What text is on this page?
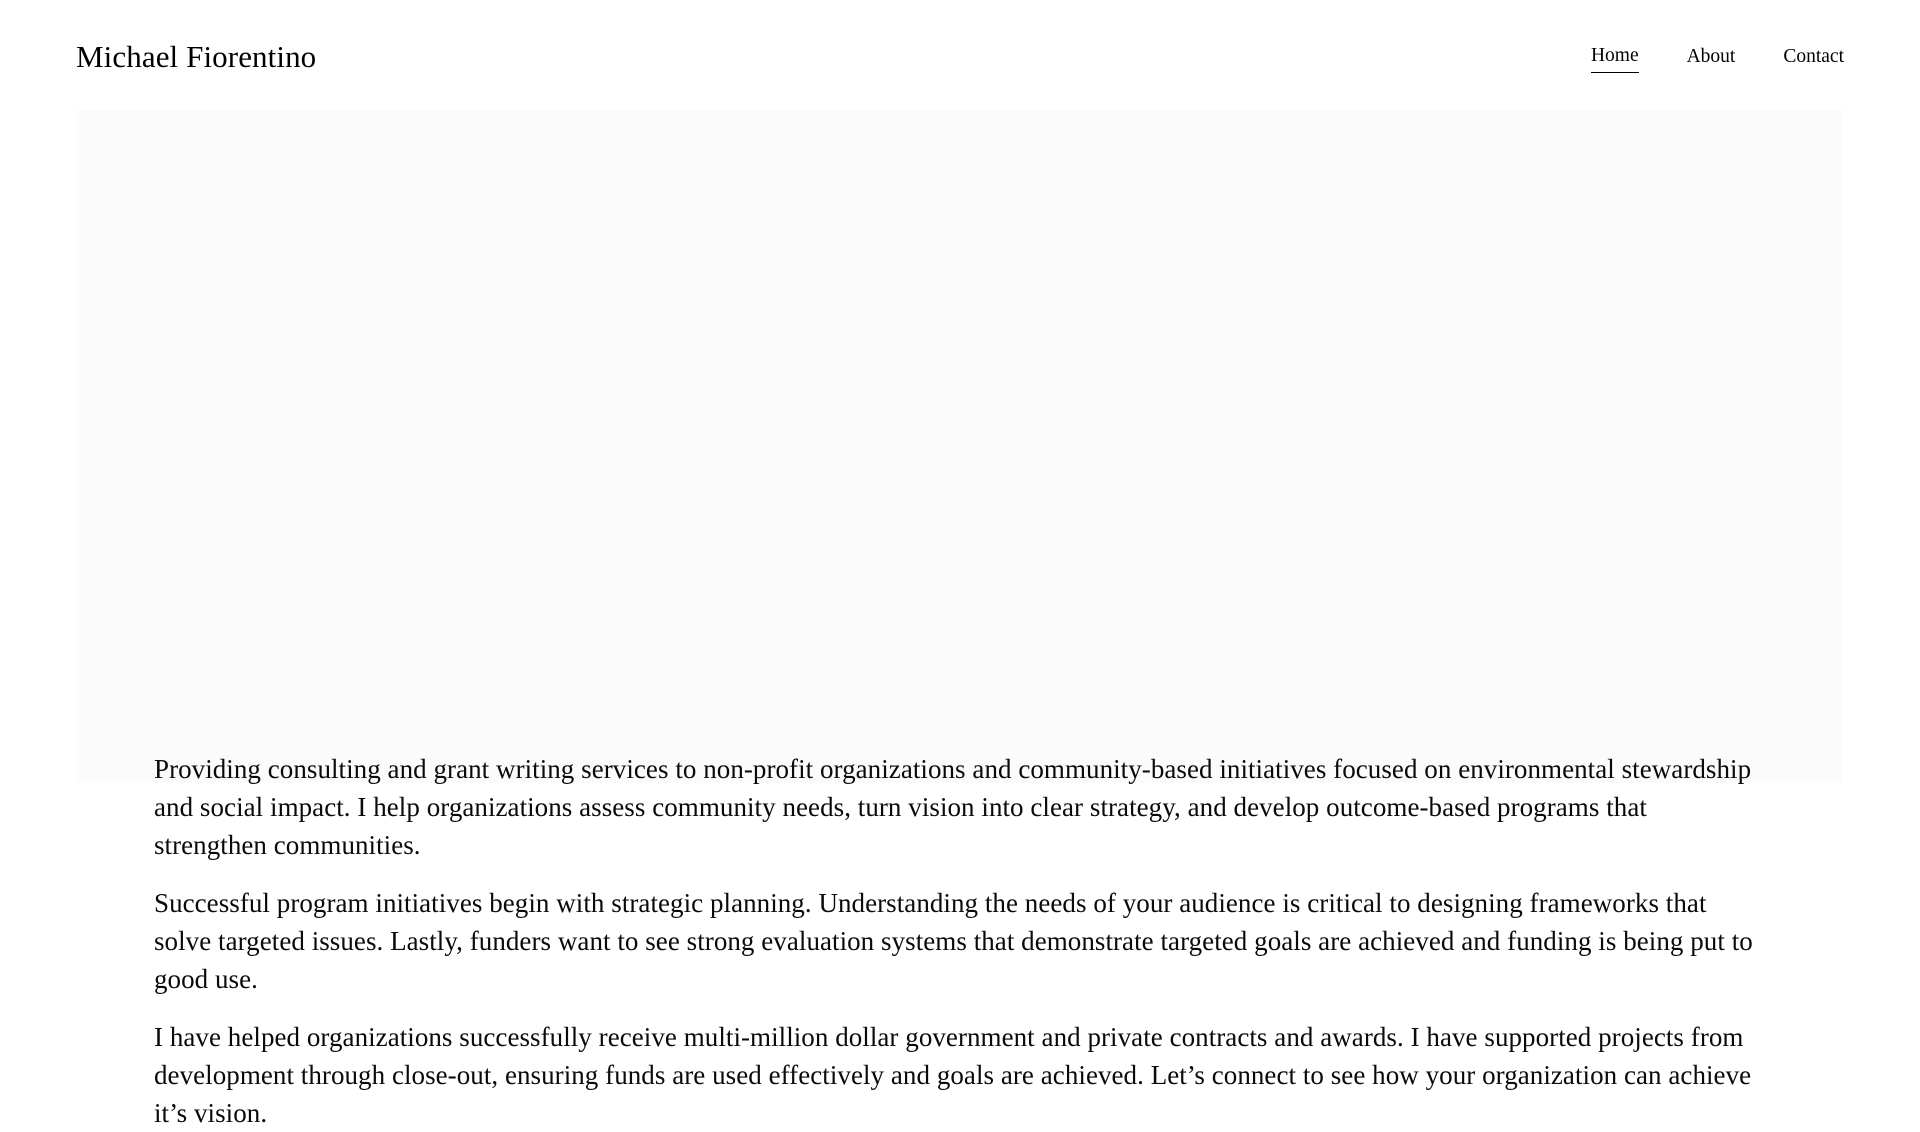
Michael Fiorentino	Home About Contact

Providing consulting and grant writing services to non-profit organizations and community-based initiatives focused on environmental stewardship and social impact. I help organizations assess community needs, turn vision into clear strategy, and develop outcome-based programs that strengthen communities.

Successful program initiatives begin with strategic planning. Understanding the needs of your audience is critical to designing frameworks that solve targeted issues. Lastly, funders want to see strong evaluation systems that demonstrate targeted goals are achieved and funding is being put to good use.

I have helped organizations successfully receive multi-million dollar government and private contracts and awards. I have supported projects from development through close-out, ensuring funds are used effectively and goals are achieved. Let’s connect to see how your organization can achieve it’s vision.
